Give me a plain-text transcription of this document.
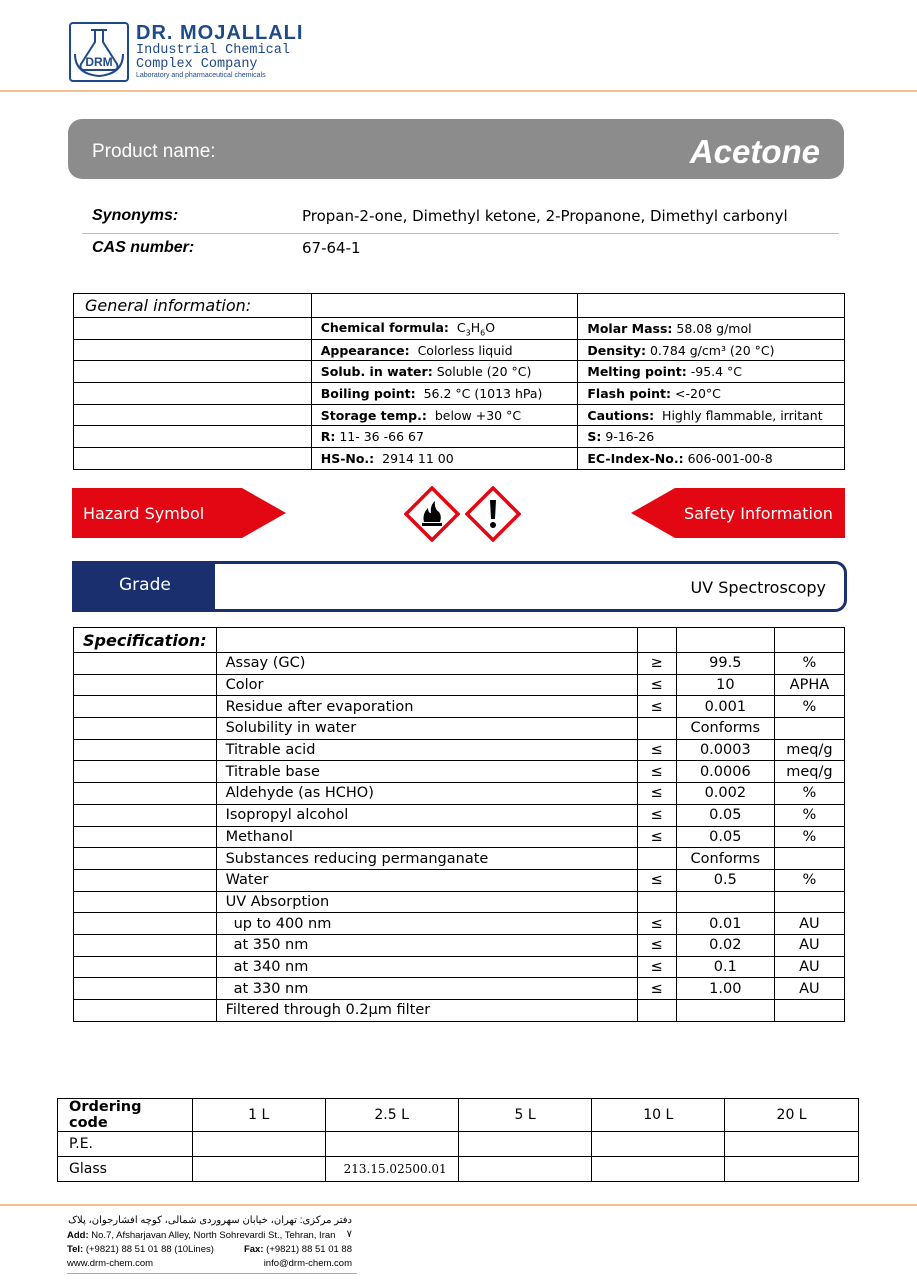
DRM
DR. MOJALLALI
Industrial Chemical
Complex Company
Laboratory and pharmaceutical chemicals
Product name:	Acetone
Synonyms:	Propan-2-one, Dimethyl ketone, 2-Propanone, Dimethyl carbonyl
CAS number:	67-64-1
General information:		
	Chemical formula: $C_3H_6O$	Molar Mass: 58.08 g/mol
	Appearance: Colorless liquid	Density: 0.784 g/cm³ (20 °C)
	Solub. in water: Soluble (20 °C)	Melting point: -95.4 °C
	Boiling point: 56.2 °C (1013 hPa)	Flash point: <-20°C
	Storage temp.: below +30 °C	Cautions: Highly flammable, irritant
	R: 11- 36 -66 67	S: 9-16-26
	HS-No.: 2914 11 00	EC-Index-No.: 606-001-00-8
Hazard Symbol	Safety Information
Grade	UV Spectroscopy
Specification:				
	Assay (GC)	≥	99.5	%
	Color	≤	10	APHA
	Residue after evaporation	≤	0.001	%
	Solubility in water		Conforms	
	Titrable acid	≤	0.0003	meq/g
	Titrable base	≤	0.0006	meq/g
	Aldehyde (as HCHO)	≤	0.002	%
	Isopropyl alcohol	≤	0.05	%
	Methanol	≤	0.05	%
	Substances reducing permanganate		Conforms	
	Water	≤	0.5	%
	UV Absorption			
	up to 400 nm	≤	0.01	AU
	at 350 nm	≤	0.02	AU
	at 340 nm	≤	0.1	AU
	at 330 nm	≤	1.00	AU
	Filtered through 0.2µm filter			
Ordering code	1 L	2.5 L	5 L	10 L	20 L
P.E.					
Glass		213.15.02500.01			
دفتر مرکزی: تهران، خیابان سهروردی شمالی، کوچه افشارجوان، پلاک ۷
Add: No.7, Afsharjavan Alley, North Sohrevardi St., Tehran, Iran
Tel: (+9821) 88 51 01 88 (10Lines)	Fax: (+9821) 88 51 01 88
www.drm-chem.com	info@drm-chem.com
